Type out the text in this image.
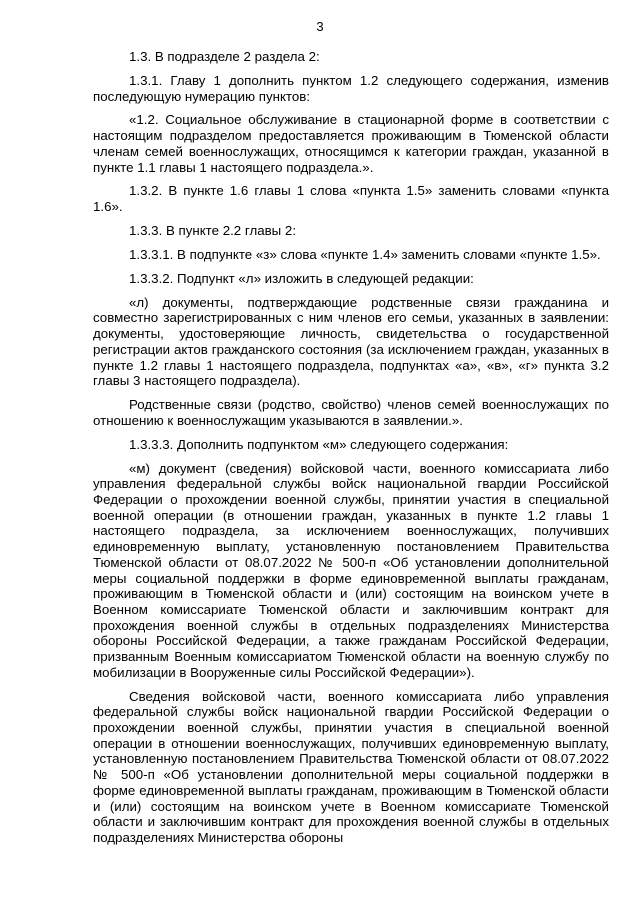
3

1.3. В подразделе 2 раздела 2:

1.3.1. Главу 1 дополнить пунктом 1.2 следующего содержания, изменив последующую нумерацию пунктов:

«1.2. Социальное обслуживание в стационарной форме в соответствии с настоящим подразделом предоставляется проживающим в Тюменской области членам семей военнослужащих, относящимся к категории граждан, указанной в пункте 1.1 главы 1 настоящего подраздела.».

1.3.2. В пункте 1.6 главы 1 слова «пункта 1.5» заменить словами «пункта 1.6».

1.3.3. В пункте 2.2 главы 2:

1.3.3.1. В подпункте «з» слова «пункте 1.4» заменить словами «пункте 1.5».

1.3.3.2. Подпункт «л» изложить в следующей редакции:

«л) документы, подтверждающие родственные связи гражданина и совместно зарегистрированных с ним членов его семьи, указанных в заявлении: документы, удостоверяющие личность, свидетельства о государственной регистрации актов гражданского состояния (за исключением граждан, указанных в пункте 1.2 главы 1 настоящего подраздела, подпунктах «а», «в», «г» пункта 3.2 главы 3 настоящего подраздела).

Родственные связи (родство, свойство) членов семей военнослужащих по отношению к военнослужащим указываются в заявлении.».

1.3.3.3. Дополнить подпунктом «м» следующего содержания:

«м) документ (сведения) войсковой части, военного комиссариата либо управления федеральной службы войск национальной гвардии Российской Федерации о прохождении военной службы, принятии участия в специальной военной операции (в отношении граждан, указанных в пункте 1.2 главы 1 настоящего подраздела, за исключением военнослужащих, получивших единовременную выплату, установленную постановлением Правительства Тюменской области от 08.07.2022 № 500-п «Об установлении дополнительной меры социальной поддержки в форме единовременной выплаты гражданам, проживающим в Тюменской области и (или) состоящим на воинском учете в Военном комиссариате Тюменской области и заключившим контракт для прохождения военной службы в отдельных подразделениях Министерства обороны Российской Федерации, а также гражданам Российской Федерации, призванным Военным комиссариатом Тюменской области на военную службу по мобилизации в Вооруженные силы Российской Федерации»).

Сведения войсковой части, военного комиссариата либо управления федеральной службы войск национальной гвардии Российской Федерации о прохождении военной службы, принятии участия в специальной военной операции в отношении военнослужащих, получивших единовременную выплату, установленную постановлением Правительства Тюменской области от 08.07.2022 № 500-п «Об установлении дополнительной меры социальной поддержки в форме единовременной выплаты гражданам, проживающим в Тюменской области и (или) состоящим на воинском учете в Военном комиссариате Тюменской области и заключившим контракт для прохождения военной службы в отдельных подразделениях Министерства обороны
